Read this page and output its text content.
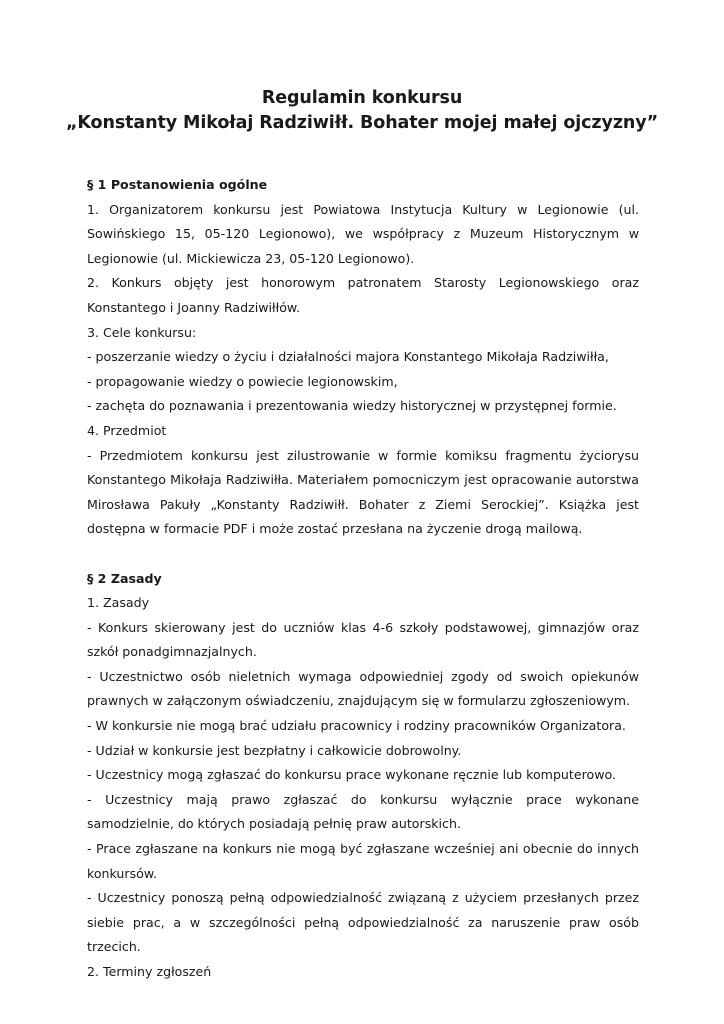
Regulamin konkursu
„Konstanty Mikołaj Radziwiłł. Bohater mojej małej ojczyzny”

§ 1 Postanowienia ogólne

1. Organizatorem konkursu jest Powiatowa Instytucja Kultury w Legionowie (ul. Sowińskiego 15, 05-120 Legionowo), we współpracy z Muzeum Historycznym w Legionowie (ul. Mickiewicza 23, 05-120 Legionowo).

2. Konkurs objęty jest honorowym patronatem Starosty Legionowskiego oraz Konstantego i Joanny Radziwiłłów.

3. Cele konkursu:

- poszerzanie wiedzy o życiu i działalności majora Konstantego Mikołaja Radziwiłła,

- propagowanie wiedzy o powiecie legionowskim,

- zachęta do poznawania i prezentowania wiedzy historycznej w przystępnej formie.

4. Przedmiot

- Przedmiotem konkursu jest zilustrowanie w formie komiksu fragmentu życiorysu Konstantego Mikołaja Radziwiłła. Materiałem pomocniczym jest opracowanie autorstwa Mirosława Pakuły „Konstanty Radziwiłł. Bohater z Ziemi Serockiej”. Książka jest dostępna w formacie PDF i może zostać przesłana na życzenie drogą mailową.

§ 2 Zasady

1. Zasady

- Konkurs skierowany jest do uczniów klas 4-6 szkoły podstawowej, gimnazjów oraz szkół ponadgimnazjalnych.

- Uczestnictwo osób nieletnich wymaga odpowiedniej zgody od swoich opiekunów prawnych w załączonym oświadczeniu, znajdującym się w formularzu zgłoszeniowym.

- W konkursie nie mogą brać udziału pracownicy i rodziny pracowników Organizatora.

- Udział w konkursie jest bezpłatny i całkowicie dobrowolny.

- Uczestnicy mogą zgłaszać do konkursu prace wykonane ręcznie lub komputerowo.

- Uczestnicy mają prawo zgłaszać do konkursu wyłącznie prace wykonane samodzielnie, do których posiadają pełnię praw autorskich.

- Prace zgłaszane na konkurs nie mogą być zgłaszane wcześniej ani obecnie do innych konkursów.

- Uczestnicy ponoszą pełną odpowiedzialność związaną z użyciem przesłanych przez siebie prac, a w szczególności pełną odpowiedzialność za naruszenie praw osób trzecich.

2. Terminy zgłoszeń
